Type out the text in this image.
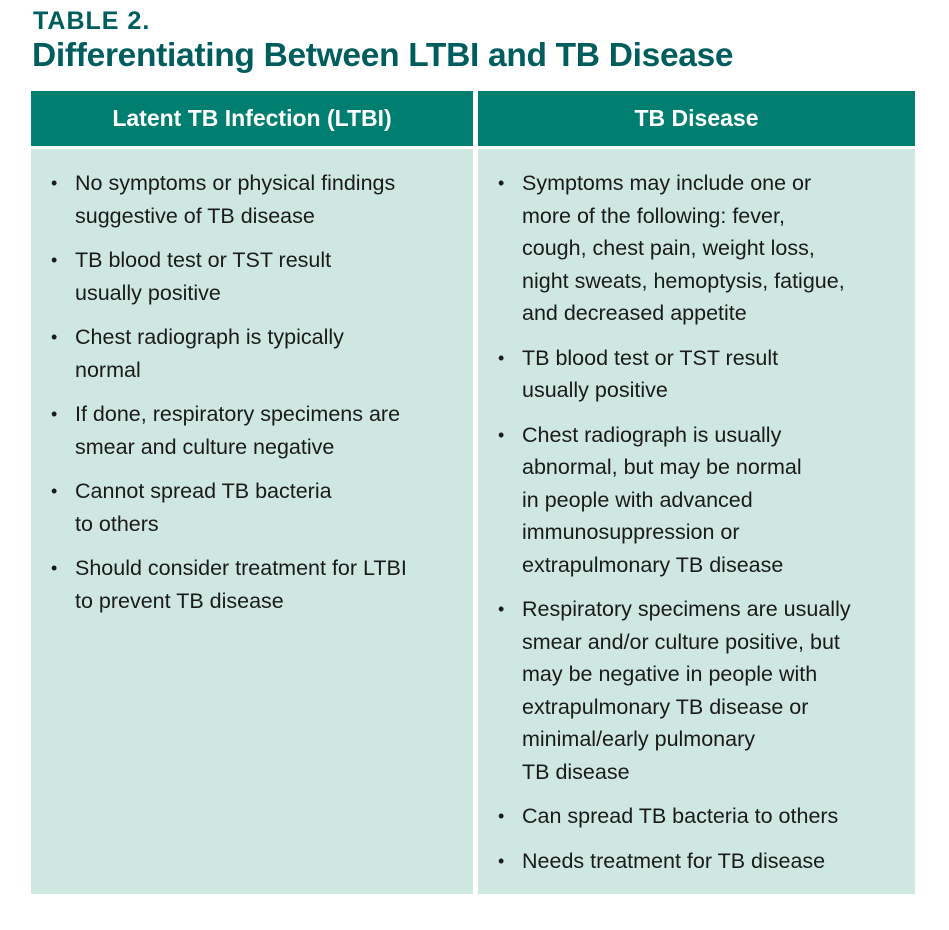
TABLE 2.
Differentiating Between LTBI and TB Disease
Latent TB Infection (LTBI)
• No symptoms or physical findings
suggestive of TB disease
• TB blood test or TST result
usually positive
• Chest radiograph is typically
normal
• If done, respiratory specimens are
smear and culture negative
• Cannot spread TB bacteria
to others
• Should consider treatment for LTBI
to prevent TB disease
TB Disease
• Symptoms may include one or
more of the following: fever,
cough, chest pain, weight loss,
night sweats, hemoptysis, fatigue,
and decreased appetite
• TB blood test or TST result
usually positive
• Chest radiograph is usually
abnormal, but may be normal
in people with advanced
immunosuppression or
extrapulmonary TB disease
• Respiratory specimens are usually
smear and/or culture positive, but
may be negative in people with
extrapulmonary TB disease or
minimal/early pulmonary
TB disease
• Can spread TB bacteria to others
• Needs treatment for TB disease
